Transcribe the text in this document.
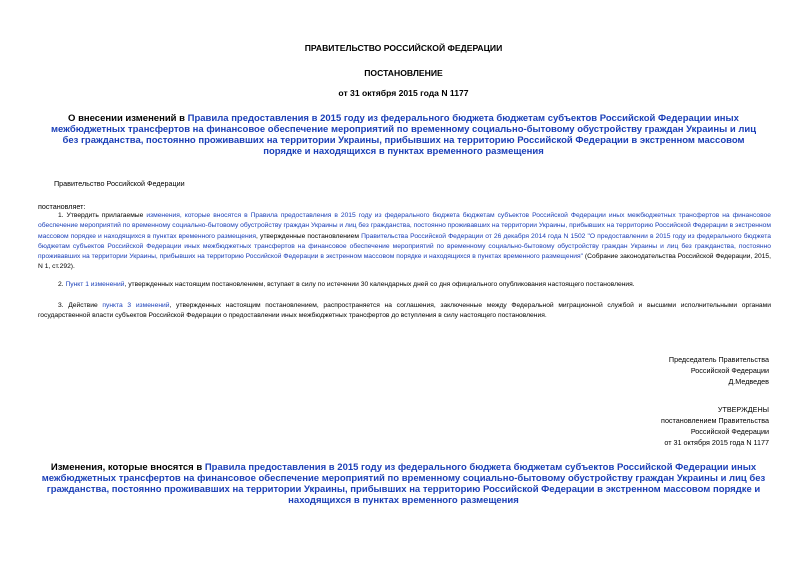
ПРАВИТЕЛЬСТВО РОССИЙСКОЙ ФЕДЕРАЦИИ
ПОСТАНОВЛЕНИЕ
от 31 октября 2015 года N 1177
О внесении изменений в Правила предоставления в 2015 году из федерального бюджета бюджетам субъектов Российской Федерации иных межбюджетных трансфертов на финансовое обеспечение мероприятий по временному социально-бытовому обустройству граждан Украины и лиц без гражданства, постоянно проживавших на территории Украины, прибывших на территорию Российской Федерации в экстренном массовом порядке и находящихся в пунктах временного размещения
Правительство Российской Федерации
постановляет:
1. Утвердить прилагаемые изменения, которые вносятся в Правила предоставления в 2015 году из федерального бюджета бюджетам субъектов Российской Федерации иных межбюджетных трансфертов на финансовое обеспечение мероприятий по временному социально-бытовому обустройству граждан Украины и лиц без гражданства, постоянно проживавших на территории Украины, прибывших на территорию Российской Федерации в экстренном массовом порядке и находящихся в пунктах временного размещения, утвержденные постановлением Правительства Российской Федерации от 26 декабря 2014 года N 1502 "О предоставлении в 2015 году из федерального бюджета бюджетам субъектов Российской Федерации иных межбюджетных трансфертов на финансовое обеспечение мероприятий по временному социально-бытовому обустройству граждан Украины и лиц без гражданства, постоянно проживавших на территории Украины, прибывших на территорию Российской Федерации в экстренном массовом порядке и находящихся в пунктах временного размещения" (Собрание законодательства Российской Федерации, 2015, N 1, ст.292).
2. Пункт 1 изменений, утвержденных настоящим постановлением, вступает в силу по истечении 30 календарных дней со дня официального опубликования настоящего постановления.
3. Действие пункта 3 изменений, утвержденных настоящим постановлением, распространяется на соглашения, заключенные между Федеральной миграционной службой и высшими исполнительными органами государственной власти субъектов Российской Федерации о предоставлении иных межбюджетных трансфертов до вступления в силу настоящего постановления.
Председатель Правительства
Российской Федерации
Д.Медведев
УТВЕРЖДЕНЫ
постановлением Правительства
Российской Федерации
от 31 октября 2015 года N 1177
Изменения, которые вносятся в Правила предоставления в 2015 году из федерального бюджета бюджетам субъектов Российской Федерации иных межбюджетных трансфертов на финансовое обеспечение мероприятий по временному социально-бытовому обустройству граждан Украины и лиц без гражданства, постоянно проживавших на территории Украины, прибывших на территорию Российской Федерации в экстренном массовом порядке и находящихся в пунктах временного размещения
